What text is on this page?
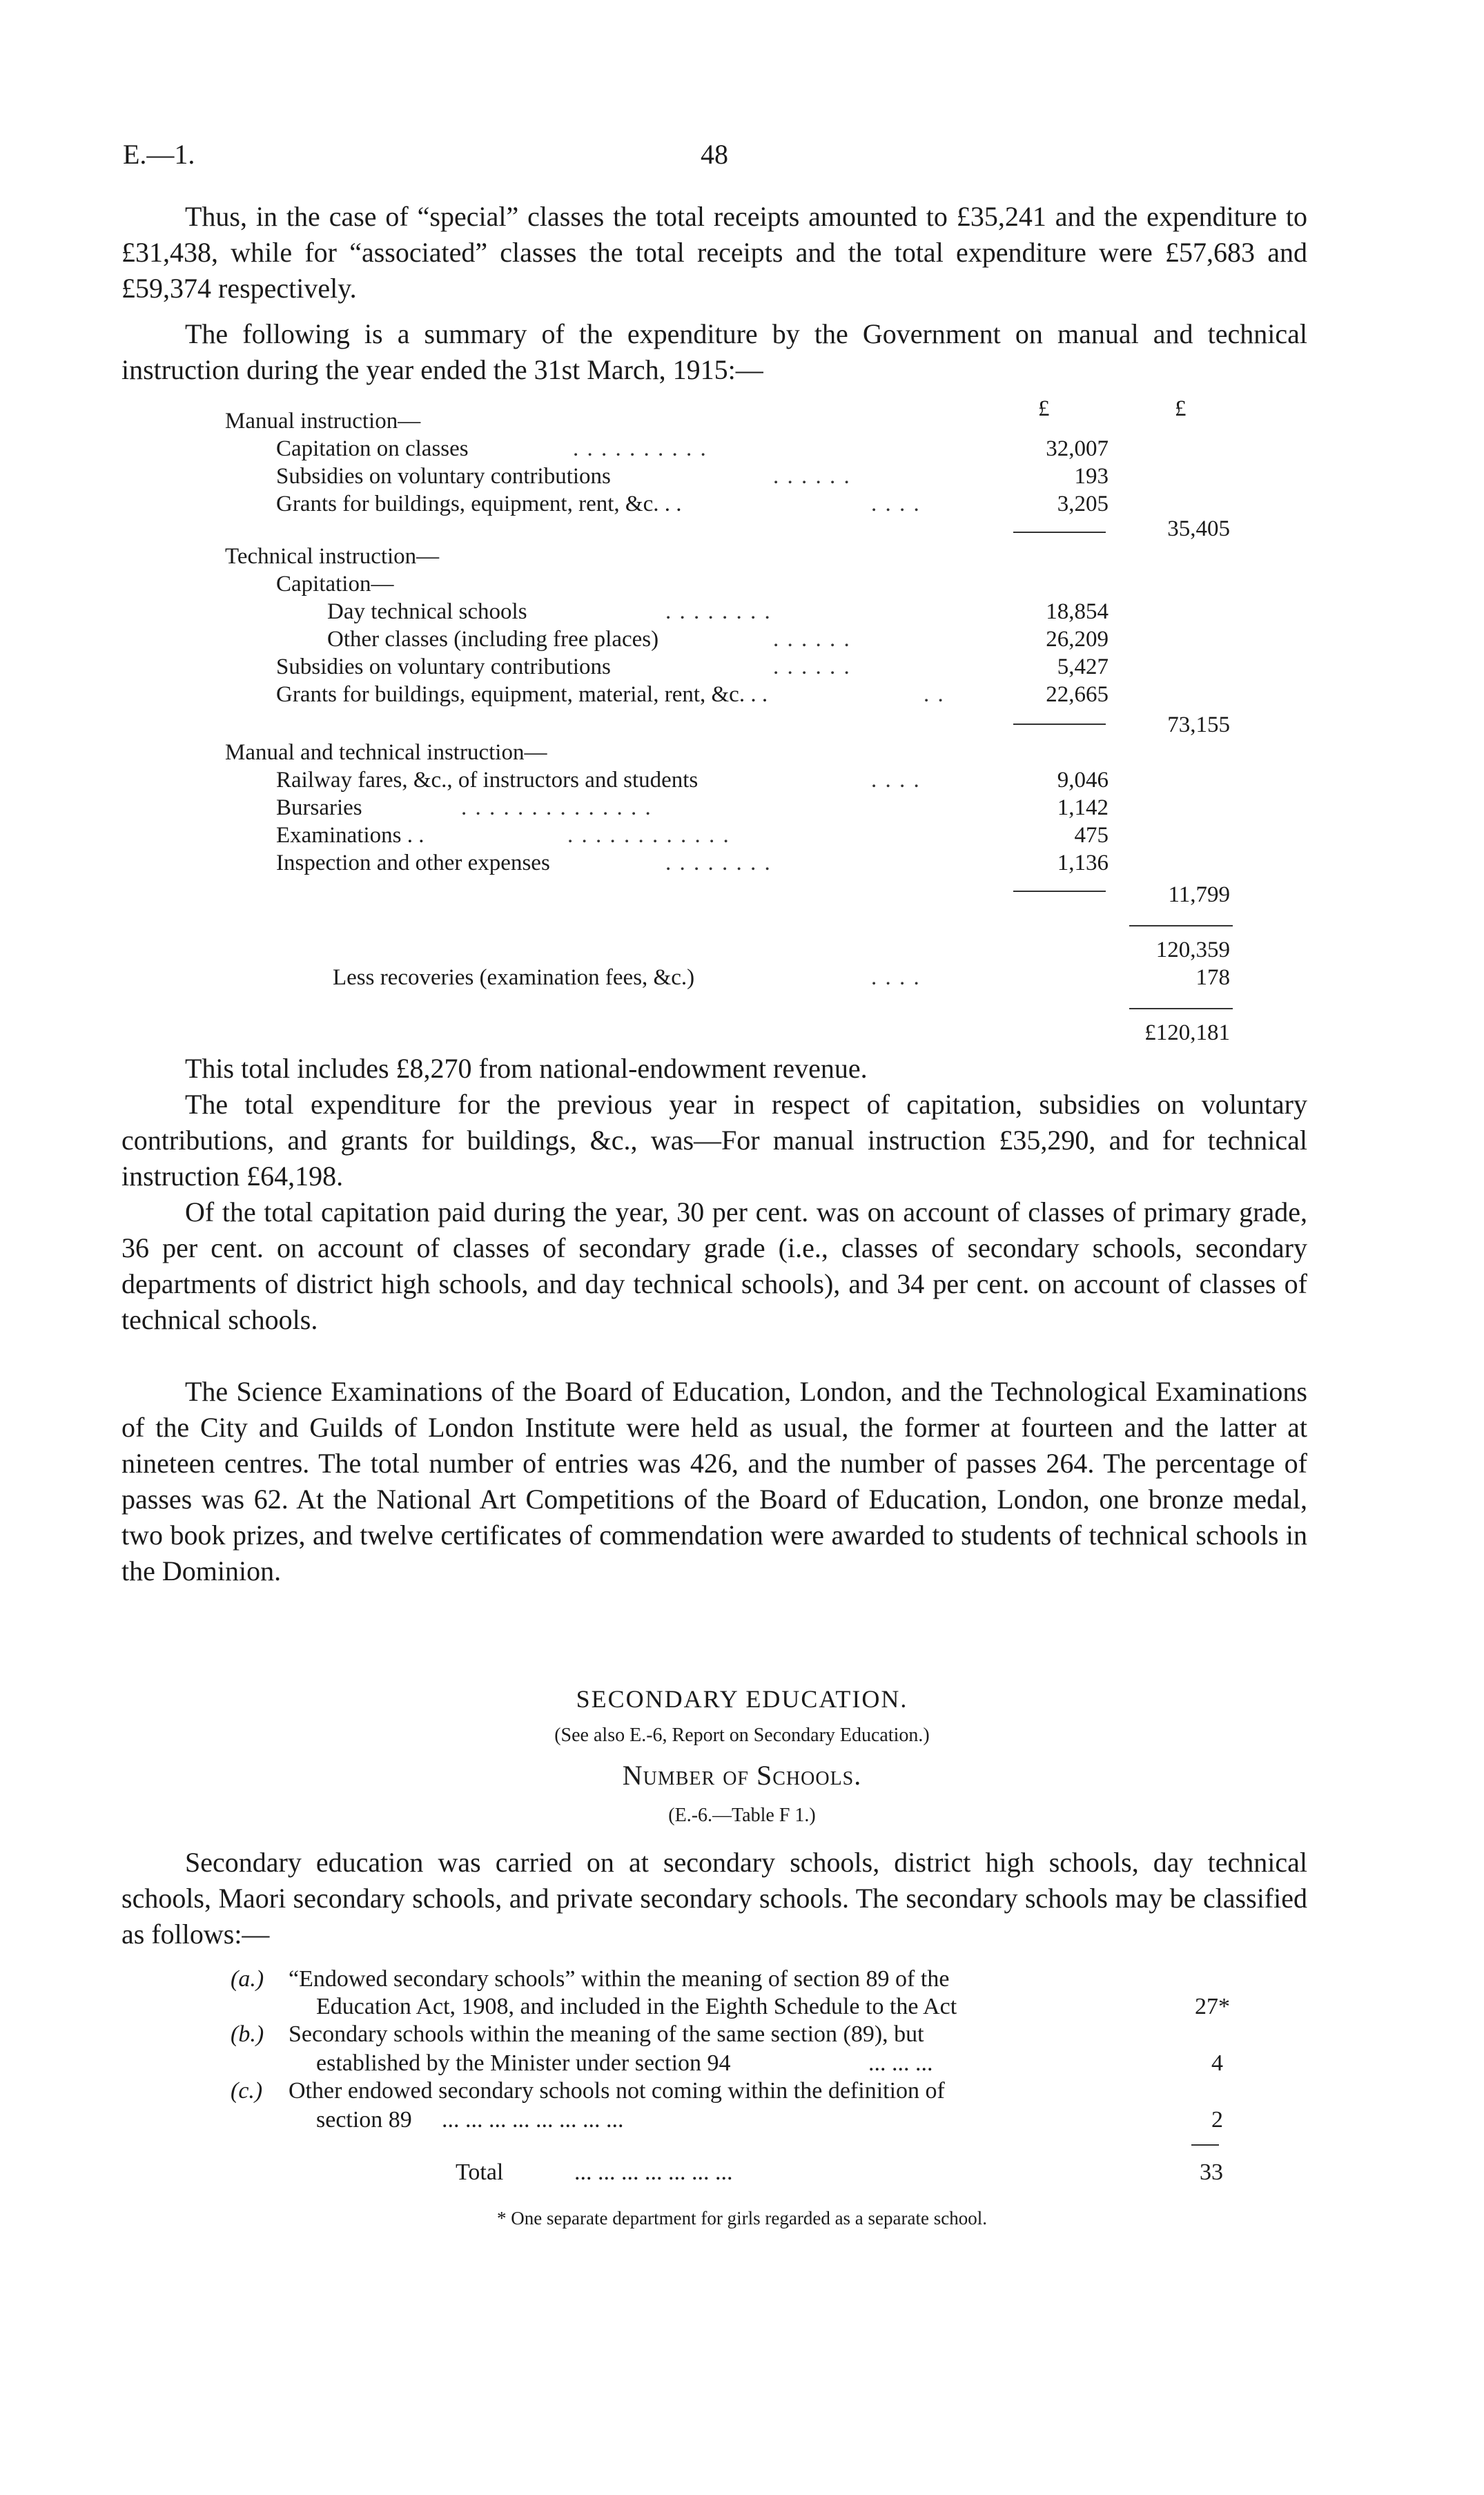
E.—1.	48

Thus, in the case of “special” classes the total receipts amounted to £35,241 and the expenditure to £31,438, while for “associated” classes the total receipts and the total expenditure were £57,683 and £59,374 respectively.

The following is a summary of the expenditure by the Government on manual and technical instruction during the year ended the 31st March, 1915:—

£	£
Manual instruction—
Capitation on classes	. . . . . . . . . .	32,007
Subsidies on voluntary contributions	. . . . . .	193
Grants for buildings, equipment, rent, &c. . .	. . . .	3,205
35,405
Technical instruction—
Capitation—
Day technical schools	. . . . . . . .	18,854
Other classes (including free places)	. . . . . .	26,209
Subsidies on voluntary contributions	. . . . . .	5,427
Grants for buildings, equipment, material, rent, &c. . .	. .	22,665
73,155
Manual and technical instruction—
Railway fares, &c., of instructors and students	. . . .	9,046
Bursaries	. . . . . . . . . . . . . .	1,142
Examinations . .	. . . . . . . . . . . .	475
Inspection and other expenses	. . . . . . . .	1,136
11,799
120,359
Less recoveries (examination fees, &c.)	. . . .	178
£120,181

This total includes £8,270 from national-endowment revenue.

The total expenditure for the previous year in respect of capitation, subsidies on voluntary contributions, and grants for buildings, &c., was—For manual instruction £35,290, and for technical instruction £64,198.

Of the total capitation paid during the year, 30 per cent. was on account of classes of primary grade, 36 per cent. on account of classes of secondary grade (i.e., classes of secondary schools, secondary departments of district high schools, and day technical schools), and 34 per cent. on account of classes of technical schools.

The Science Examinations of the Board of Education, London, and the Technological Examinations of the City and Guilds of London Institute were held as usual, the former at fourteen and the latter at nineteen centres. The total number of entries was 426, and the number of passes 264. The percentage of passes was 62. At the National Art Competitions of the Board of Education, London, one bronze medal, two book prizes, and twelve certificates of commendation were awarded to students of technical schools in the Dominion.

SECONDARY EDUCATION.
(See also E.-6, Report on Secondary Education.)
Number of Schools.
(E.-6.—Table F 1.)

Secondary education was carried on at secondary schools, district high schools, day technical schools, Maori secondary schools, and private secondary schools. The secondary schools may be classified as follows:—

(a.) “Endowed secondary schools” within the meaning of section 89 of the
Education Act, 1908, and included in the Eighth Schedule to the Act	27*
(b.) Secondary schools within the meaning of the same section (89), but
established by the Minister under section 94	... ... ...	4
(c.) Other endowed secondary schools not coming within the definition of
section 89 ... ... ... ... ... ... ... ...	2
Total	... ... ... ... ... ... ...	33
* One separate department for girls regarded as a separate school.
